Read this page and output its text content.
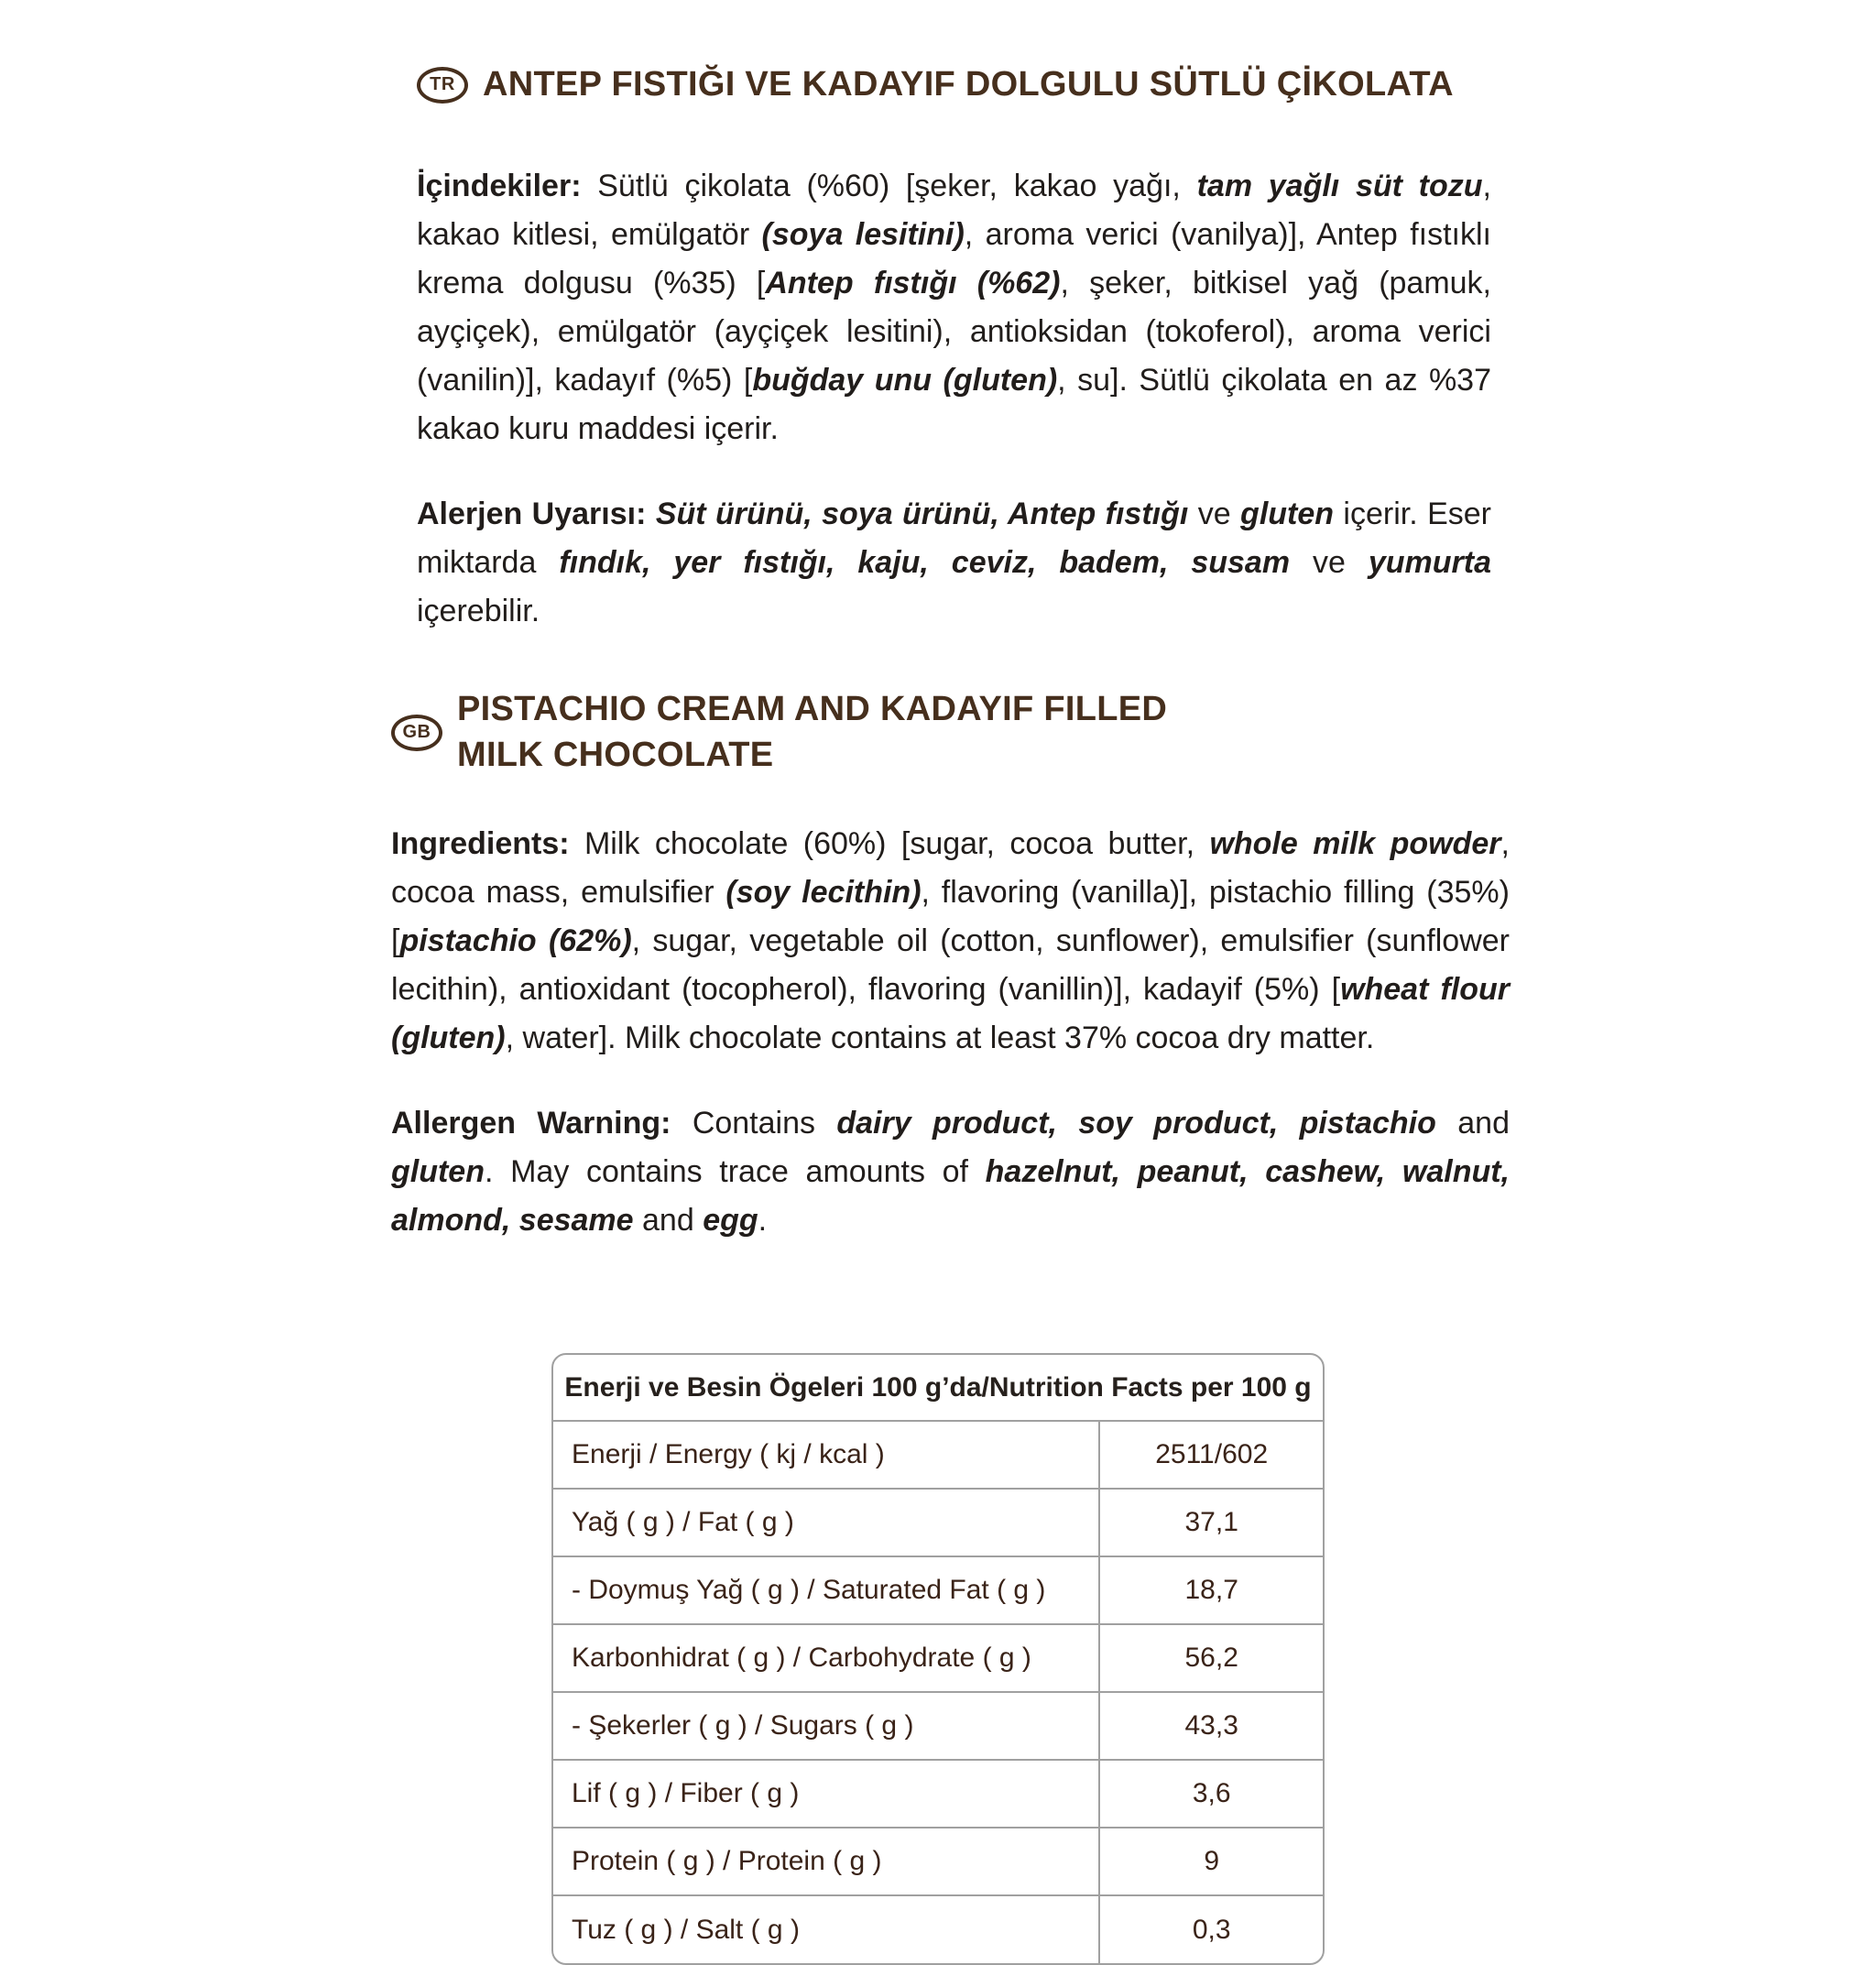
TR ANTEP FISTIĞI VE KADAYIF DOLGULU SÜTLÜ ÇİKOLATA

İçindekiler: Sütlü çikolata (%60) [şeker, kakao yağı, tam yağlı süt tozu, kakao kitlesi, emülgatör (soya lesitini), aroma verici (vanilya)], Antep fıstıklı krema dolgusu (%35) [Antep fıstığı (%62), şeker, bitkisel yağ (pamuk, ayçiçek), emülgatör (ayçiçek lesitini), antioksidan (tokoferol), aroma verici (vanilin)], kadayıf (%5) [buğday unu (gluten), su]. Sütlü çikolata en az %37 kakao kuru maddesi içerir.

Alerjen Uyarısı: Süt ürünü, soya ürünü, Antep fıstığı ve gluten içerir. Eser miktarda fındık, yer fıstığı, kaju, ceviz, badem, susam ve yumurta içerebilir.

GB
PISTACHIO CREAM AND KADAYIF FILLED MILK CHOCOLATE

Ingredients: Milk chocolate (60%) [sugar, cocoa butter, whole milk powder, cocoa mass, emulsifier (soy lecithin), flavoring (vanilla)], pistachio filling (35%) [pistachio (62%), sugar, vegetable oil (cotton, sunflower), emulsifier (sunflower lecithin), antioxidant (tocopherol), flavoring (vanillin)], kadayif (5%) [wheat flour (gluten), water]. Milk chocolate contains at least 37% cocoa dry matter.

Allergen Warning: Contains dairy product, soy product, pistachio and gluten. May contains trace amounts of hazelnut, peanut, cashew, walnut, almond, sesame and egg.

Enerji ve Besin Ögeleri 100 g’da/Nutrition Facts per 100 g	
Enerji / Energy ( kj / kcal )	2511/602
Yağ ( g ) / Fat ( g )	37,1
- Doymuş Yağ ( g ) / Saturated Fat ( g )	18,7
Karbonhidrat ( g ) / Carbohydrate ( g )	56,2
- Şekerler ( g ) / Sugars ( g )	43,3
Lif ( g ) / Fiber ( g )	3,6
Protein ( g ) / Protein ( g )	9
Tuz ( g ) / Salt ( g )	0,3
